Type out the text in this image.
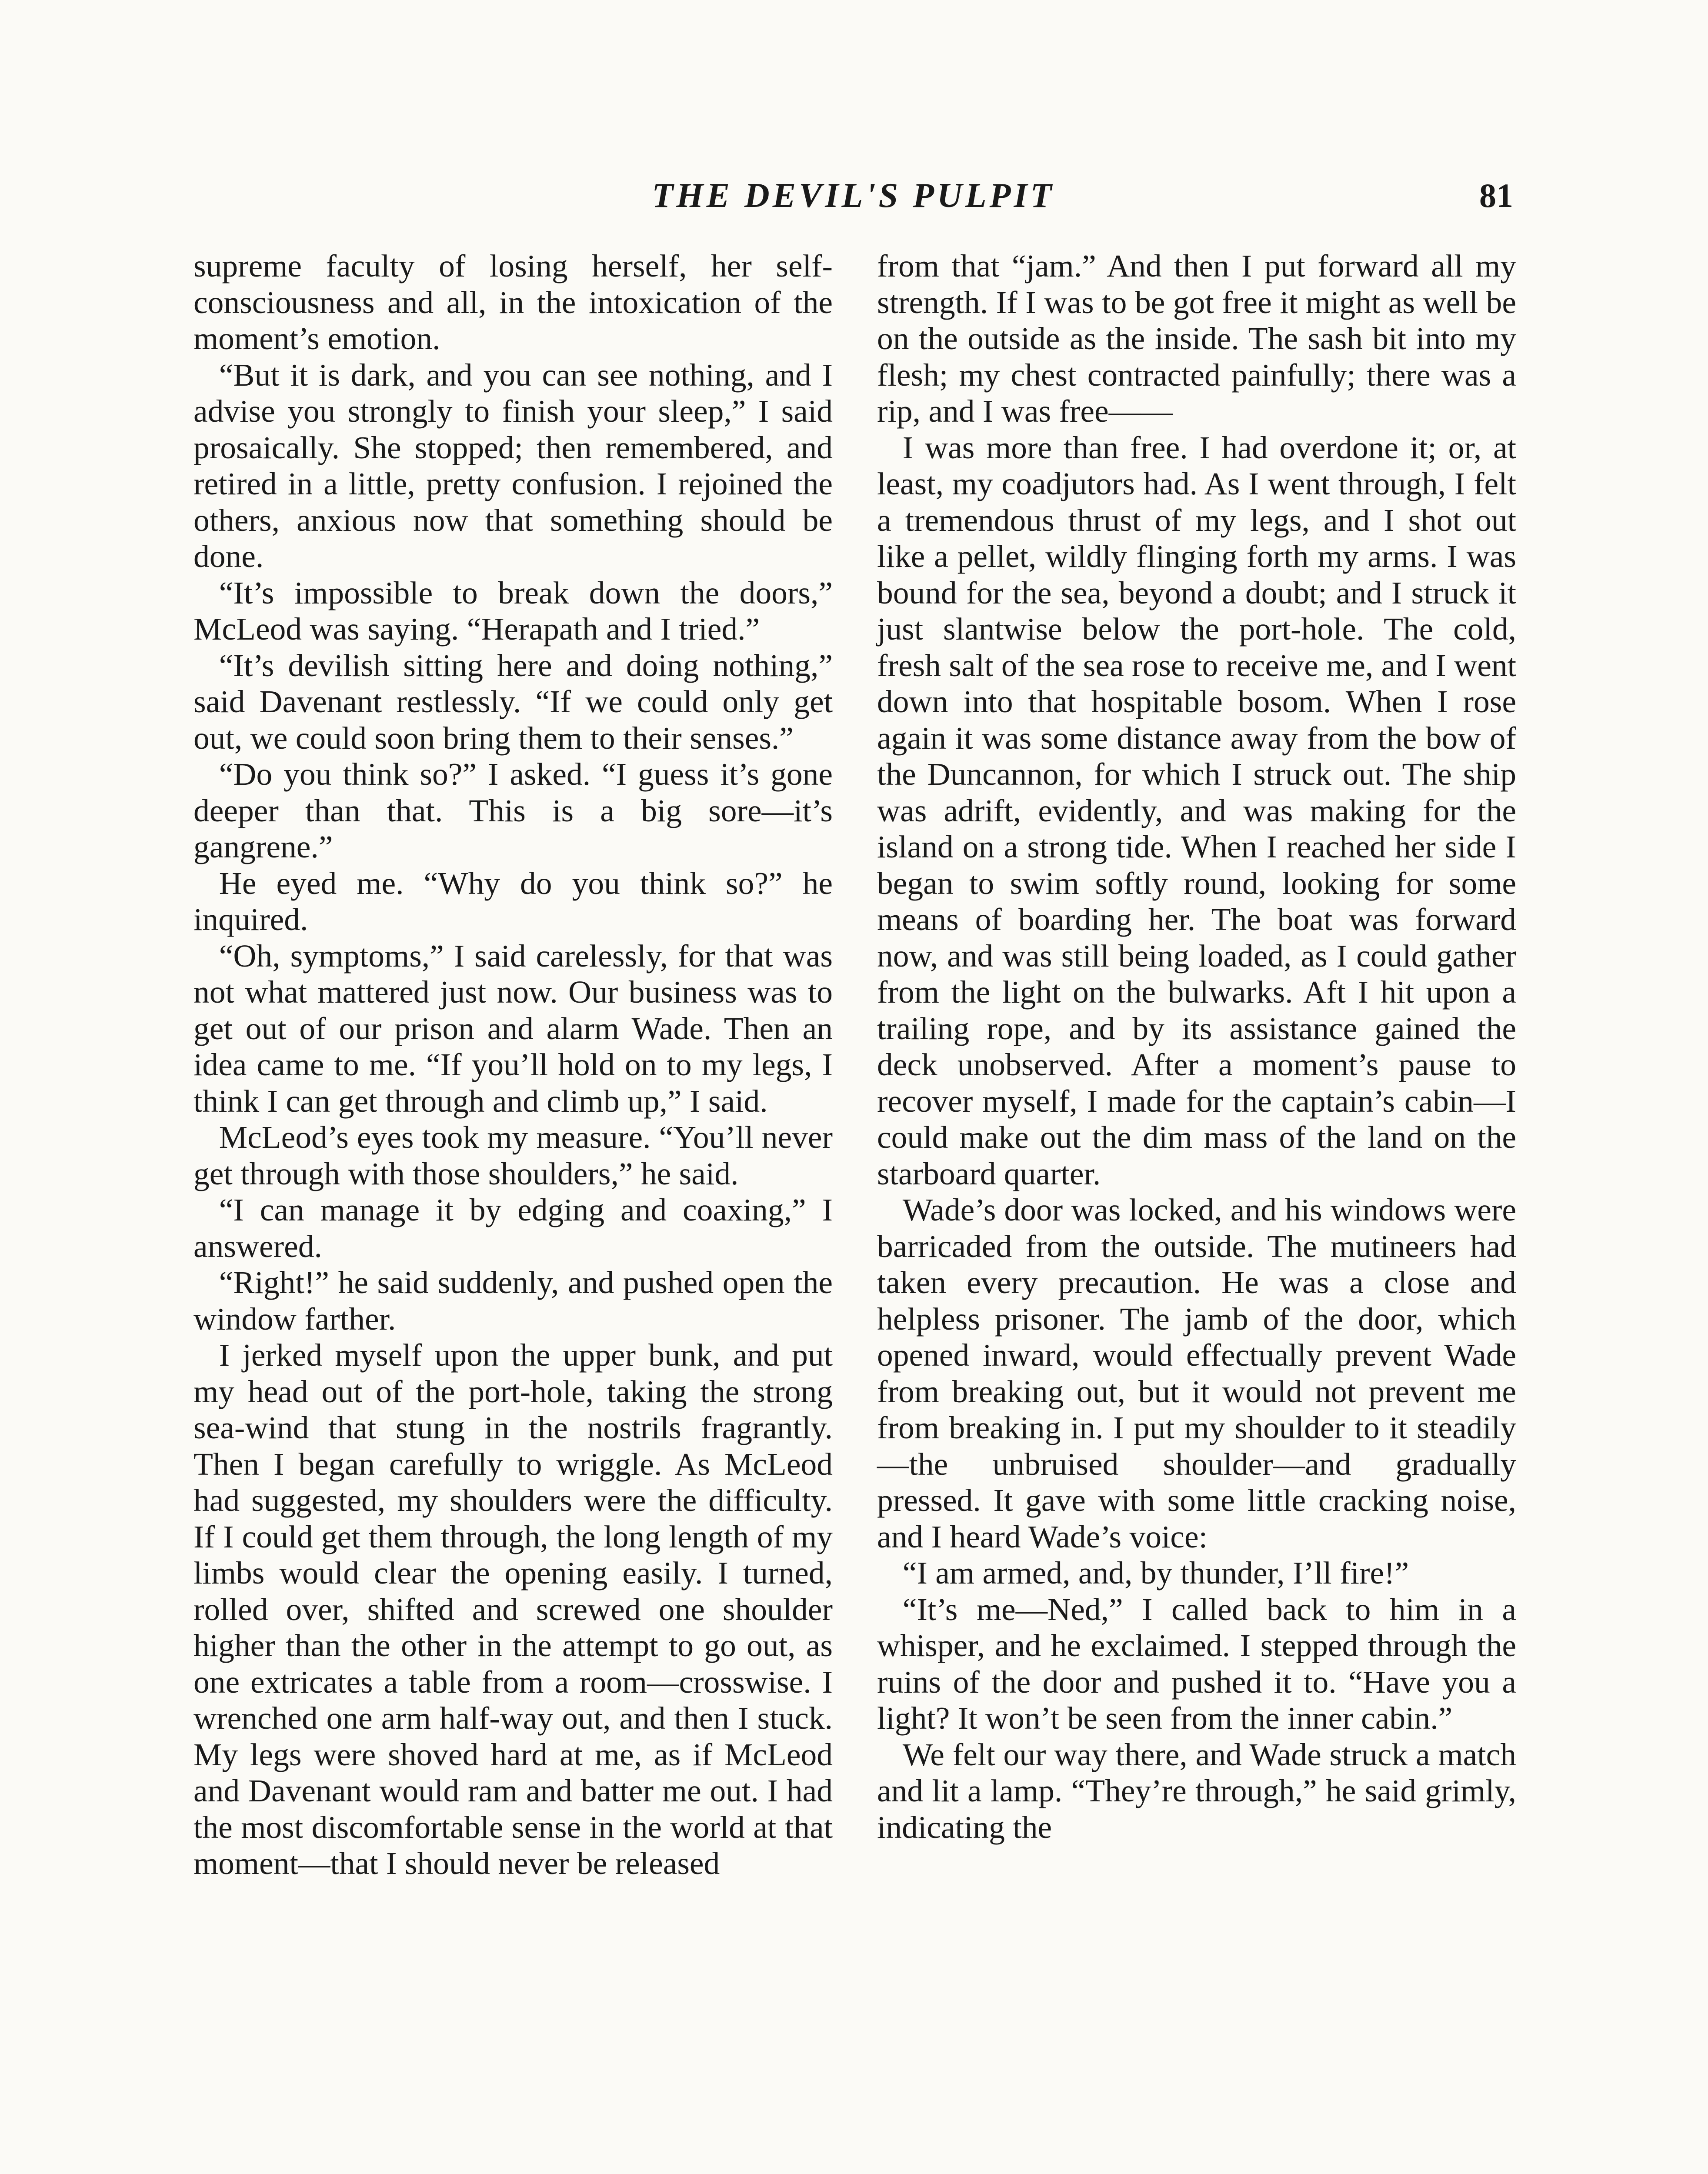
THE DEVIL'S PULPIT	81

supreme faculty of losing herself, her self-consciousness and all, in the intoxication of the moment’s emotion.

“But it is dark, and you can see nothing, and I advise you strongly to finish your sleep,” I said prosaically. She stopped; then remembered, and retired in a little, pretty confusion. I rejoined the others, anxious now that something should be done.

“It’s impossible to break down the doors,” McLeod was saying. “Herapath and I tried.”

“It’s devilish sitting here and doing nothing,” said Davenant restlessly. “If we could only get out, we could soon bring them to their senses.”

“Do you think so?” I asked. “I guess it’s gone deeper than that. This is a big sore—it’s gangrene.”

He eyed me. “Why do you think so?” he inquired.

“Oh, symptoms,” I said carelessly, for that was not what mattered just now. Our business was to get out of our prison and alarm Wade. Then an idea came to me. “If you’ll hold on to my legs, I think I can get through and climb up,” I said.

McLeod’s eyes took my measure. “You’ll never get through with those shoulders,” he said.

“I can manage it by edging and coaxing,” I answered.

“Right!” he said suddenly, and pushed open the window farther.

I jerked myself upon the upper bunk, and put my head out of the port-hole, taking the strong sea-wind that stung in the nostrils fragrantly. Then I began carefully to wriggle. As McLeod had suggested, my shoulders were the difficulty. If I could get them through, the long length of my limbs would clear the opening easily. I turned, rolled over, shifted and screwed one shoulder higher than the other in the attempt to go out, as one extricates a table from a room—crosswise. I wrenched one arm half-way out, and then I stuck. My legs were shoved hard at me, as if McLeod and Davenant would ram and batter me out. I had the most discomfortable sense in the world at that moment—that I should never be released

from that “jam.” And then I put forward all my strength. If I was to be got free it might as well be on the outside as the inside. The sash bit into my flesh; my chest contracted painfully; there was a rip, and I was free——

I was more than free. I had overdone it; or, at least, my coadjutors had. As I went through, I felt a tremendous thrust of my legs, and I shot out like a pellet, wildly flinging forth my arms. I was bound for the sea, beyond a doubt; and I struck it just slantwise below the port-hole. The cold, fresh salt of the sea rose to receive me, and I went down into that hospitable bosom. When I rose again it was some distance away from the bow of the Duncannon, for which I struck out. The ship was adrift, evidently, and was making for the island on a strong tide. When I reached her side I began to swim softly round, looking for some means of boarding her. The boat was forward now, and was still being loaded, as I could gather from the light on the bulwarks. Aft I hit upon a trailing rope, and by its assistance gained the deck unobserved. After a moment’s pause to recover myself, I made for the captain’s cabin—I could make out the dim mass of the land on the starboard quarter.

Wade’s door was locked, and his windows were barricaded from the outside. The mutineers had taken every precaution. He was a close and helpless prisoner. The jamb of the door, which opened inward, would effectually prevent Wade from breaking out, but it would not prevent me from breaking in. I put my shoulder to it steadily—the unbruised shoulder—and gradually pressed. It gave with some little cracking noise, and I heard Wade’s voice:

“I am armed, and, by thunder, I’ll fire!”

“It’s me—Ned,” I called back to him in a whisper, and he exclaimed. I stepped through the ruins of the door and pushed it to. “Have you a light? It won’t be seen from the inner cabin.”

We felt our way there, and Wade struck a match and lit a lamp. “They’re through,” he said grimly, indicating the
